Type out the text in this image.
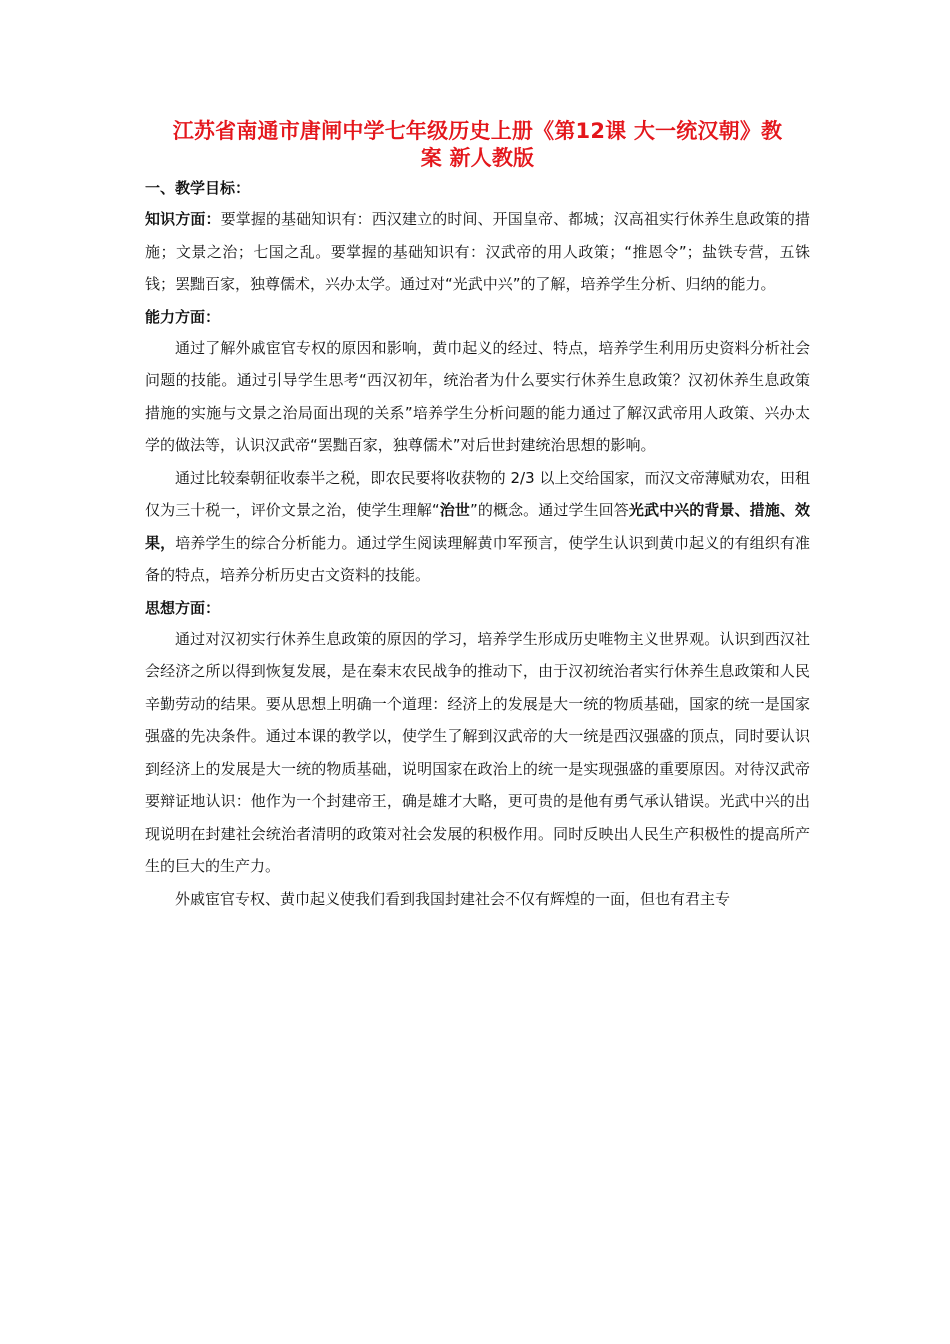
江苏省南通市唐闸中学七年级历史上册《第12课 大一统汉朝》教
案 新人教版
一、教学目标：

知识方面：要掌握的基础知识有：西汉建立的时间、开国皇帝、都城；汉高祖实行休养生息政策的措施；文景之治；七国之乱。要掌握的基础知识有：汉武帝的用人政策；“推恩令”；盐铁专营，五铢钱；罢黜百家，独尊儒术，兴办太学。通过对“光武中兴”的了解，培养学生分析、归纳的能力。

能力方面：

通过了解外戚宦官专权的原因和影响，黄巾起义的经过、特点，培养学生利用历史资料分析社会问题的技能。通过引导学生思考“西汉初年，统治者为什么要实行休养生息政策？汉初休养生息政策措施的实施与文景之治局面出现的关系”培养学生分析问题的能力通过了解汉武帝用人政策、兴办太学的做法等，认识汉武帝“罢黜百家，独尊儒术”对后世封建统治思想的影响。

通过比较秦朝征收泰半之税，即农民要将收获物的 2/3 以上交给国家，而汉文帝薄赋劝农，田租仅为三十税一，评价文景之治，使学生理解“治世”的概念。通过学生回答光武中兴的背景、措施、效果，培养学生的综合分析能力。通过学生阅读理解黄巾军预言，使学生认识到黄巾起义的有组织有准备的特点，培养分析历史古文资料的技能。

思想方面：

通过对汉初实行休养生息政策的原因的学习，培养学生形成历史唯物主义世界观。认识到西汉社会经济之所以得到恢复发展，是在秦末农民战争的推动下，由于汉初统治者实行休养生息政策和人民辛勤劳动的结果。要从思想上明确一个道理：经济上的发展是大一统的物质基础，国家的统一是国家强盛的先决条件。通过本课的教学以，使学生了解到汉武帝的大一统是西汉强盛的顶点，同时要认识到经济上的发展是大一统的物质基础，说明国家在政治上的统一是实现强盛的重要原因。对待汉武帝要辩证地认识：他作为一个封建帝王，确是雄才大略，更可贵的是他有勇气承认错误。光武中兴的出现说明在封建社会统治者清明的政策对社会发展的积极作用。同时反映出人民生产积极性的提高所产生的巨大的生产力。

外戚宦官专权、黄巾起义使我们看到我国封建社会不仅有辉煌的一面，但也有君主专
